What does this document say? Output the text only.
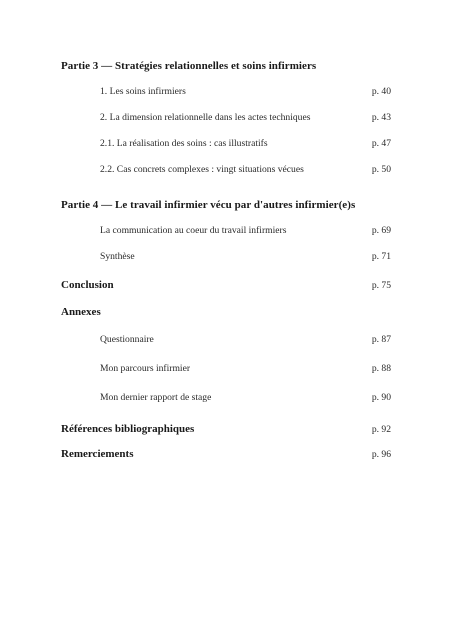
Partie 3 — Stratégies relationnelles et soins infirmiers
1. Les soins infirmiers	p. 40
2. La dimension relationnelle dans les actes techniques	p. 43
2.1. La réalisation des soins : cas illustratifs	p. 47
2.2. Cas concrets complexes : vingt situations vécues	p. 50
Partie 4 — Le travail infirmier vécu par d'autres infirmier(e)s
La communication au coeur du travail infirmiers	p. 69
Synthèse	p. 71
Conclusion	p. 75
Annexes
Questionnaire	p. 87
Mon parcours infirmier	p. 88
Mon dernier rapport de stage	p. 90
Références bibliographiques	p. 92
Remerciements	p. 96
